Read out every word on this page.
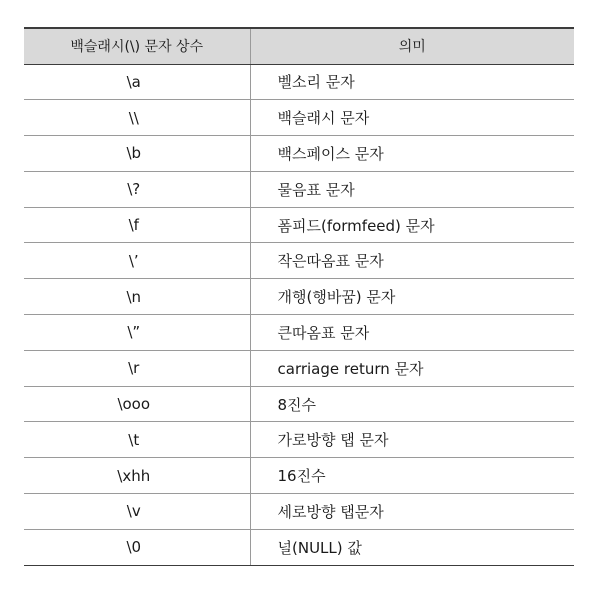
백슬래시(\) 문자 상수	의미
\a	벨소리 문자
\\	백슬래시 문자
\b	백스페이스 문자
\?	물음표 문자
\f	폼피드(formfeed) 문자
\’	작은따옴표 문자
\n	개행(행바꿈) 문자
\”	큰따옴표 문자
\r	carriage return 문자
\ooo	8진수
\t	가로방향 탭 문자
\xhh	16진수
\v	세로방향 탭문자
\0	널(NULL) 값
